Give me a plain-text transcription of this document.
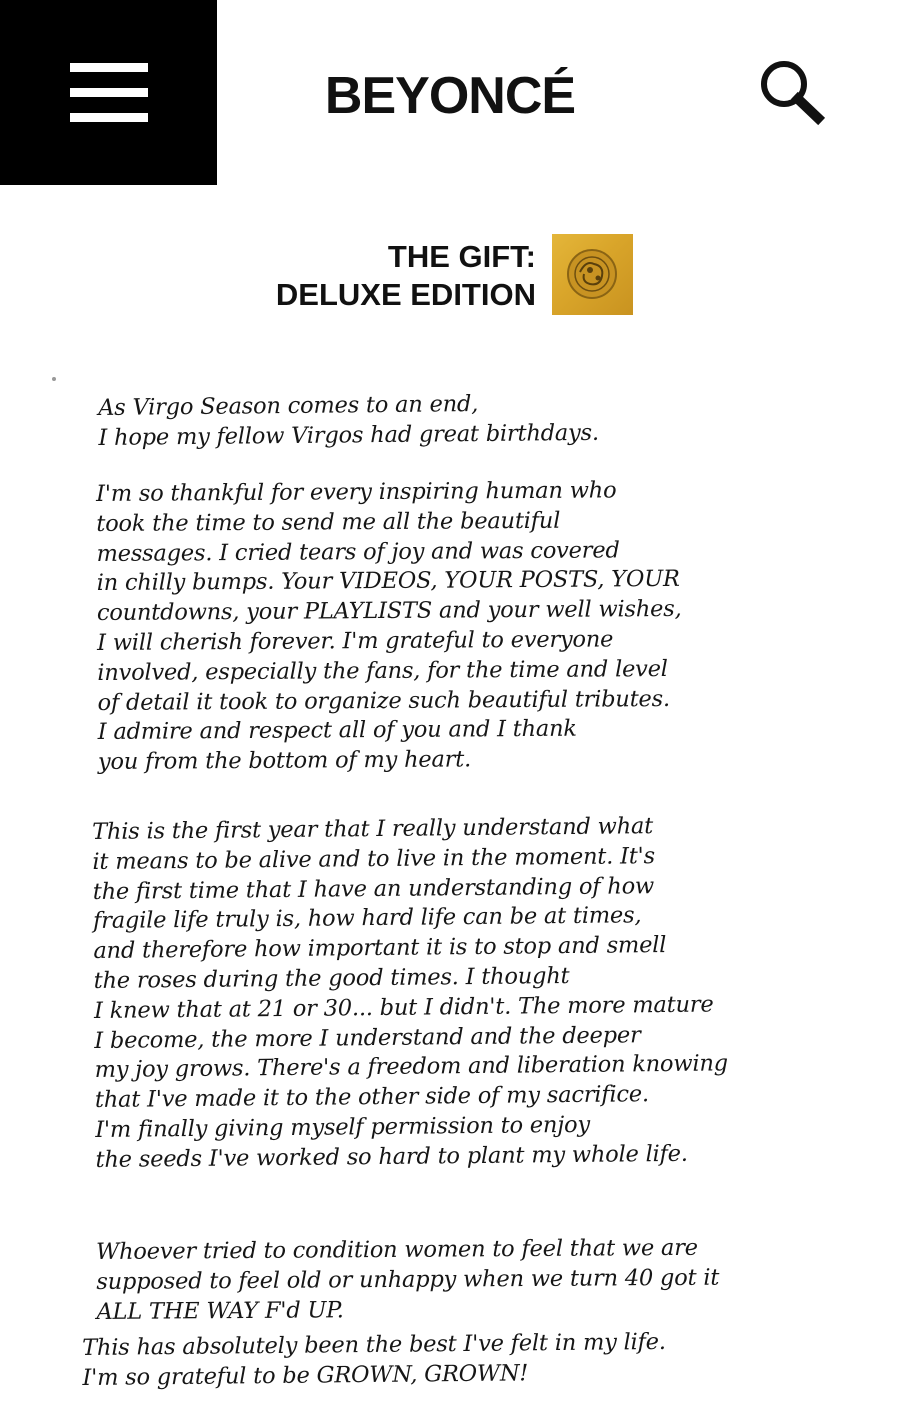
BEYONCÉ
THE GIFT:
DELUXE EDITION

As Virgo Season comes to an end,
I hope my fellow Virgos had great birthdays.

I'm so thankful for every inspiring human who
took the time to send me all the beautiful
messages. I cried tears of joy and was covered
in chilly bumps. Your VIDEOS, YOUR POSTS, YOUR
countdowns, your PLAYLISTS and your well wishes,
I will cherish forever. I'm grateful to everyone
involved, especially the fans, for the time and level
of detail it took to organize such beautiful tributes.
I admire and respect all of you and I thank
you from the bottom of my heart.

This is the first year that I really understand what
it means to be alive and to live in the moment. It's
the first time that I have an understanding of how
fragile life truly is, how hard life can be at times,
and therefore how important it is to stop and smell
the roses during the good times. I thought
I knew that at 21 or 30... but I didn't. The more mature
I become, the more I understand and the deeper
my joy grows. There's a freedom and liberation knowing
that I've made it to the other side of my sacrifice.
I'm finally giving myself permission to enjoy
the seeds I've worked so hard to plant my whole life.

Whoever tried to condition women to feel that we are
supposed to feel old or unhappy when we turn 40 got it
ALL THE WAY F'd UP.

This has absolutely been the best I've felt in my life.
I'm so grateful to be GROWN, GROWN!
